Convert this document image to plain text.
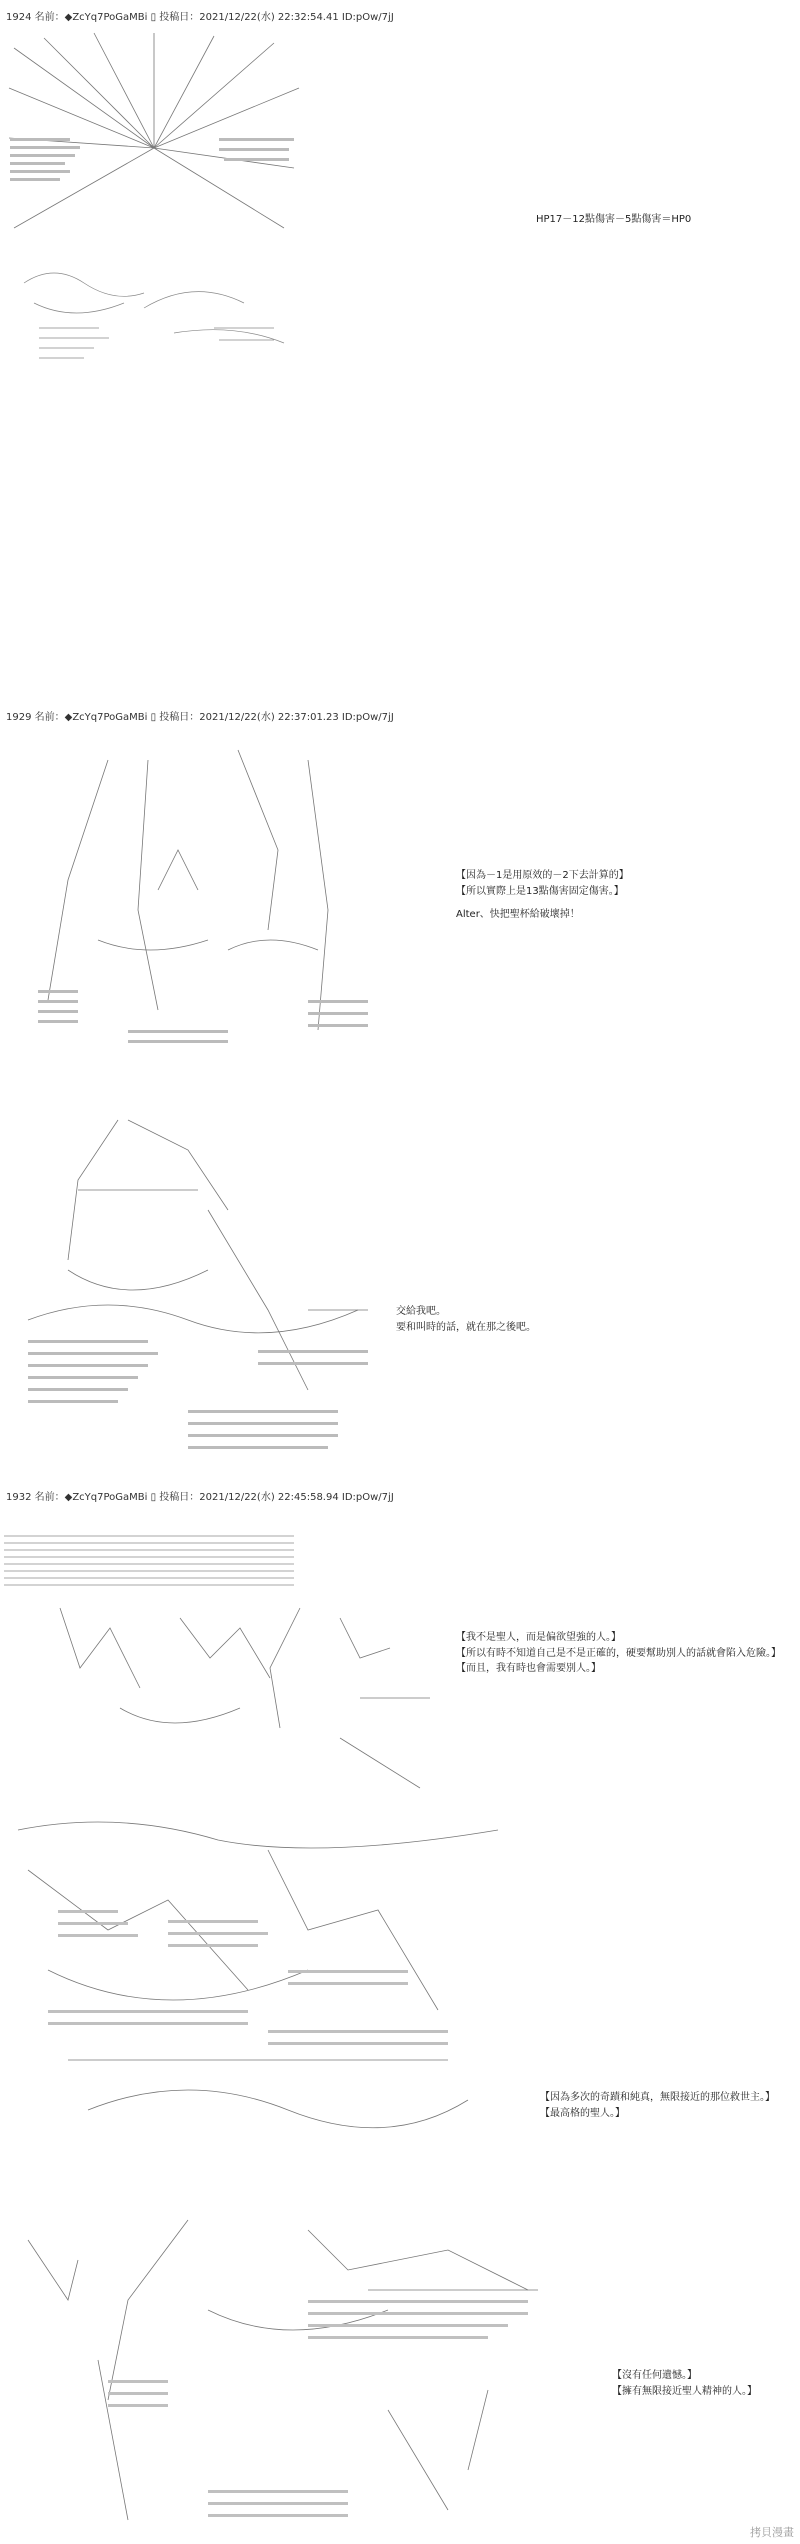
1924 名前：◆ZcYq7PoGaMBi ▯ 投稿日：2021/12/22(水) 22:32:54.41 ID:pOw/7jJ
HP17－12點傷害－5點傷害＝HP0
1929 名前：◆ZcYq7PoGaMBi ▯ 投稿日：2021/12/22(水) 22:37:01.23 ID:pOw/7jJ
【因為－1是用原效的－2下去計算的】
【所以實際上是13點傷害固定傷害。】
Alter、快把聖杯給破壞掉！
交給我吧。
要和叫時的話，就在那之後吧。
1932 名前：◆ZcYq7PoGaMBi ▯ 投稿日：2021/12/22(水) 22:45:58.94 ID:pOw/7jJ
【我不是聖人，而是偏欲望強的人。】
【所以有時不知道自己是不是正確的，硬要幫助別人的話就會陷入危險。】
【而且，我有時也會需要別人。】
【因為多次的奇蹟和純真，無限接近的那位救世主。】
【最高格的聖人。】
【沒有任何遺憾。】
【擁有無限接近聖人精神的人。】
拷貝漫畫
